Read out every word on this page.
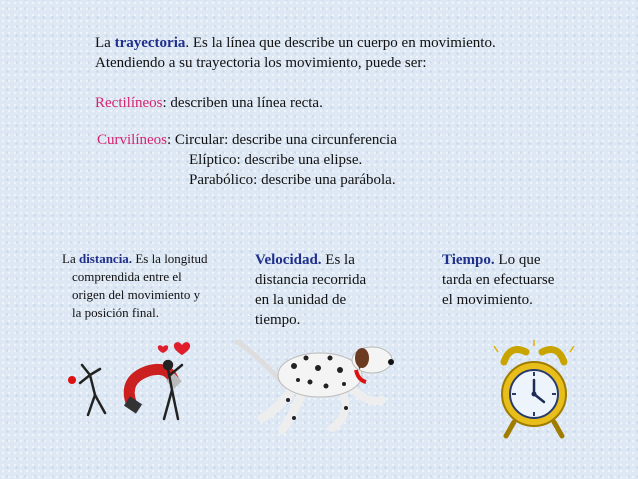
La trayectoria. Es la línea que describe un cuerpo en movimiento.
Atendiendo a su trayectoria los movimiento, puede ser:
Rectilíneos: describen una línea recta.
Curvilíneos: Circular: describe una circunferencia
Elíptico: describe una elipse.
Parabólico: describe una parábola.
La distancia. Es la longitud
comprendida entre el
origen del movimiento y
la posición final.
Velocidad. Es la
distancia recorrida
en la unidad de
tiempo.
Tiempo. Lo que
tarda en efectuarse
el movimiento.
